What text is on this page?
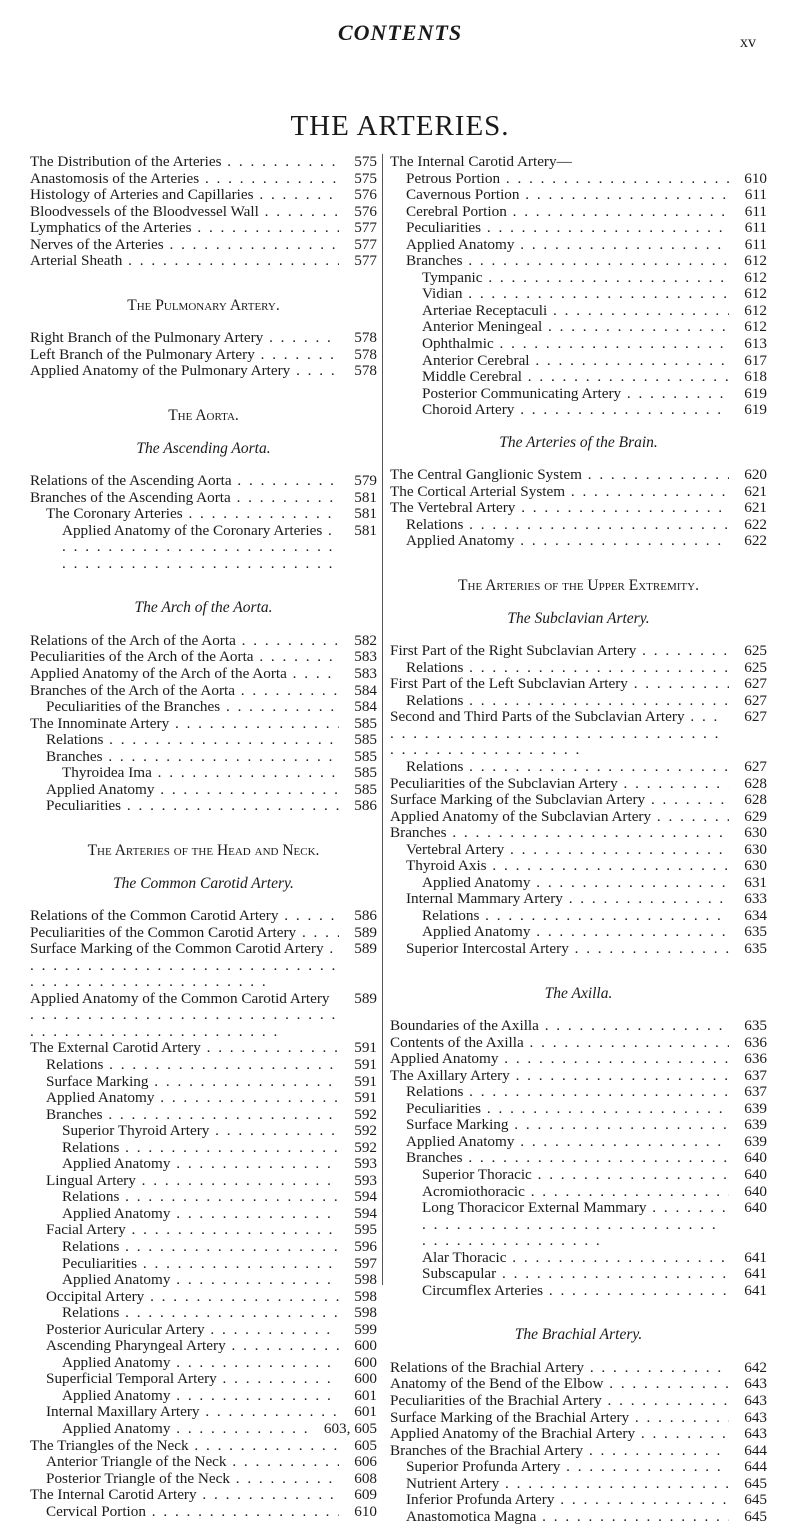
CONTENTS	xv
THE ARTERIES.
The Distribution of the Arteries . . .	575
Anastomosis of the Arteries . . .	575
Histology of Arteries and Capillaries . . .	576
Bloodvessels of the Bloodvessel Wall . . .	576
Lymphatics of the Arteries . . .	577
Nerves of the Arteries . . .	577
Arterial Sheath . . .	577
The Pulmonary Artery.
Right Branch of the Pulmonary Artery . . .	578
Left Branch of the Pulmonary Artery . . .	578
Applied Anatomy of the Pulmonary Artery . . .	578
The Aorta.
The Ascending Aorta.
Relations of the Ascending Aorta . . .	579
Branches of the Ascending Aorta . . .	581
The Coronary Arteries . . .	581
Applied Anatomy of the Coronary Arteries . . .	581
The Arch of the Aorta.
Relations of the Arch of the Aorta . . .	582
Peculiarities of the Arch of the Aorta . . .	583
Applied Anatomy of the Arch of the Aorta . . .	583
Branches of the Arch of the Aorta . . .	584
Peculiarities of the Branches . . .	584
The Innominate Artery . . .	585
Relations . . .	585
Branches . . .	585
Thyroidea Ima . . .	585
Applied Anatomy . . .	585
Peculiarities . . .	586
The Arteries of the Head and Neck.
The Common Carotid Artery.
Relations of the Common Carotid Artery . . .	586
Peculiarities of the Common Carotid Artery . . .	589
Surface Marking of the Common Carotid Artery . . .	589
Applied Anatomy of the Common Carotid Artery . . .	589
The External Carotid Artery . . .	591
Relations . . .	591
Surface Marking . . .	591
Applied Anatomy . . .	591
Branches . . .	592
Superior Thyroid Artery . . .	592
Relations . . .	592
Applied Anatomy . . .	593
Lingual Artery . . .	593
Relations . . .	594
Applied Anatomy . . .	594
Facial Artery . . .	595
Relations . . .	596
Peculiarities . . .	597
Applied Anatomy . . .	598
Occipital Artery . . .	598
Relations . . .	598
Posterior Auricular Artery . . .	599
Ascending Pharyngeal Artery . . .	600
Applied Anatomy . . .	600
Superficial Temporal Artery . . .	600
Applied Anatomy . . .	601
Internal Maxillary Artery . . .	601
Applied Anatomy . . .	603, 605
The Triangles of the Neck . . .	605
Anterior Triangle of the Neck . . .	606
Posterior Triangle of the Neck . . .	608
The Internal Carotid Artery . . .	609
Cervical Portion . . .	610
The Internal Carotid Artery—
Petrous Portion . . .	610
Cavernous Portion . . .	611
Cerebral Portion . . .	611
Peculiarities . . .	611
Applied Anatomy . . .	611
Branches . . .	612
Tympanic . . .	612
Vidian . . .	612
Arteriae Receptaculi . . .	612
Anterior Meningeal . . .	612
Ophthalmic . . .	613
Anterior Cerebral . . .	617
Middle Cerebral . . .	618
Posterior Communicating Artery . . .	619
Choroid Artery . . .	619
The Arteries of the Brain.
The Central Ganglionic System . . .	620
The Cortical Arterial System . . .	621
The Vertebral Artery . . .	621
Relations . . .	622
Applied Anatomy . . .	622
The Arteries of the Upper Extremity.
The Subclavian Artery.
First Part of the Right Subclavian Artery . . .	625
Relations . . .	625
First Part of the Left Subclavian Artery . . .	627
Relations . . .	627
Second and Third Parts of the Subclavian Artery . . .	627
Relations . . .	627
Peculiarities of the Subclavian Artery . . .	628
Surface Marking of the Subclavian Artery . . .	628
Applied Anatomy of the Subclavian Artery . . .	629
Branches . . .	630
Vertebral Artery . . .	630
Thyroid Axis . . .	630
Applied Anatomy . . .	631
Internal Mammary Artery . . .	633
Relations . . .	634
Applied Anatomy . . .	635
Superior Intercostal Artery . . .	635
The Axilla.
Boundaries of the Axilla . . .	635
Contents of the Axilla . . .	636
Applied Anatomy . . .	636
The Axillary Artery . . .	637
Relations . . .	637
Peculiarities . . .	639
Surface Marking . . .	639
Applied Anatomy . . .	639
Branches . . .	640
Superior Thoracic . . .	640
Acromiothoracic . . .	640
Long Thoracicor External Mammary . . .	640
Alar Thoracic . . .	641
Subscapular . . .	641
Circumflex Arteries . . .	641
The Brachial Artery.
Relations of the Brachial Artery . . .	642
Anatomy of the Bend of the Elbow . . .	643
Peculiarities of the Brachial Artery . . .	643
Surface Marking of the Brachial Artery . . .	643
Applied Anatomy of the Brachial Artery . . .	643
Branches of the Brachial Artery . . .	644
Superior Profunda Artery . . .	644
Nutrient Artery . . .	645
Inferior Profunda Artery . . .	645
Anastomotica Magna . . .	645
